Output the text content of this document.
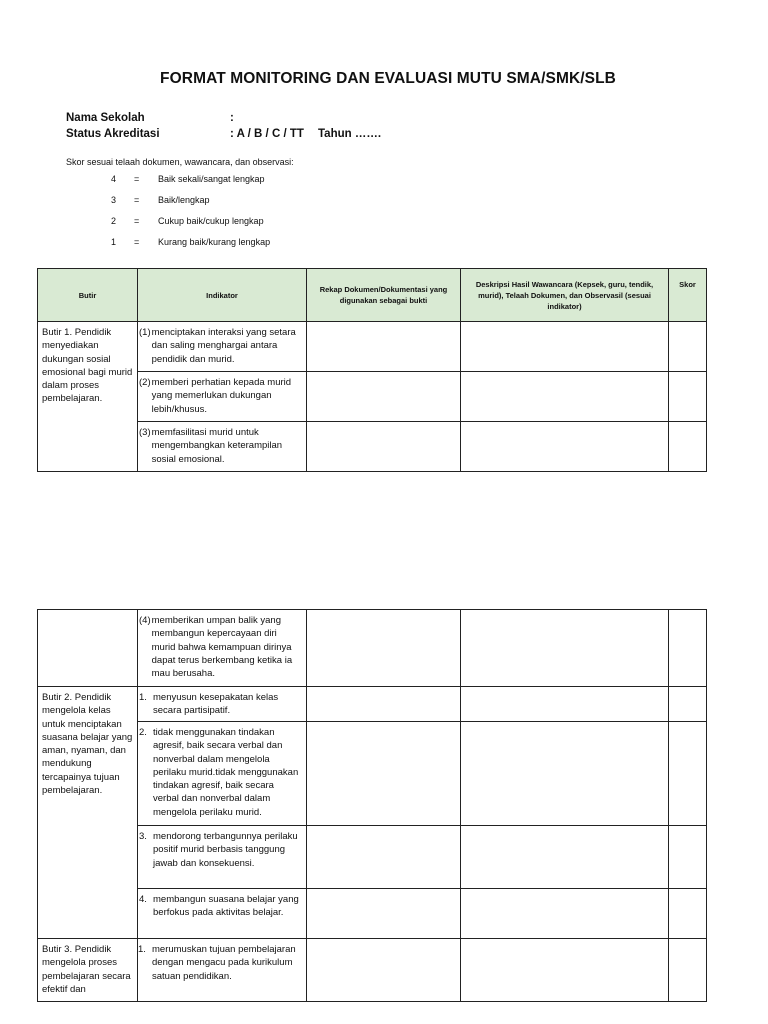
FORMAT MONITORING DAN EVALUASI MUTU SMA/SMK/SLB
Nama Sekolah	:
Status Akreditasi	: A / B / C / TT Tahun …….
Skor sesuai telaah dokumen, wawancara, dan observasi:
4 = Baik sekali/sangat lengkap
3 = Baik/lengkap
2 = Cukup baik/cukup lengkap
1 = Kurang baik/kurang lengkap
Butir	Indikator	Rekap Dokumen/Dokumentasi yang digunakan sebagai bukti	Deskripsi Hasil Wawancara (Kepsek, guru, tendik, murid), Telaah Dokumen, dan Observasil (sesuai indikator)	Skor
Butir 1. Pendidik menyediakan dukungan sosial emosional bagi murid dalam proses pembelajaran.	(1) menciptakan interaksi yang setara dan saling menghargai antara pendidik dan murid.			

	(2) memberi perhatian kepada murid yang memerlukan dukungan lebih/khusus.			

	(3) memfasilitasi murid untuk mengembangkan keterampilan sosial emosional.			

	(4) memberikan umpan balik yang membangun kepercayaan diri murid bahwa kemampuan dirinya dapat terus berkembang ketika ia mau berusaha.			

Butir 2. Pendidik mengelola kelas untuk menciptakan suasana belajar yang aman, nyaman, dan mendukung tercapainya tujuan pembelajaran.	1. menyusun kesepakatan kelas secara partisipatif.			

	2. tidak menggunakan tindakan agresif, baik secara verbal dan nonverbal dalam mengelola perilaku murid.tidak menggunakan tindakan agresif, baik secara verbal dan nonverbal dalam mengelola perilaku murid.			

	3. mendorong terbangunnya perilaku positif murid berbasis tanggung jawab dan konsekuensi.			

	4. membangun suasana belajar yang berfokus pada aktivitas belajar.			

Butir 3. Pendidik mengelola proses pembelajaran secara efektif dan	1. merumuskan tujuan pembelajaran dengan mengacu pada kurikulum satuan pendidikan.			
